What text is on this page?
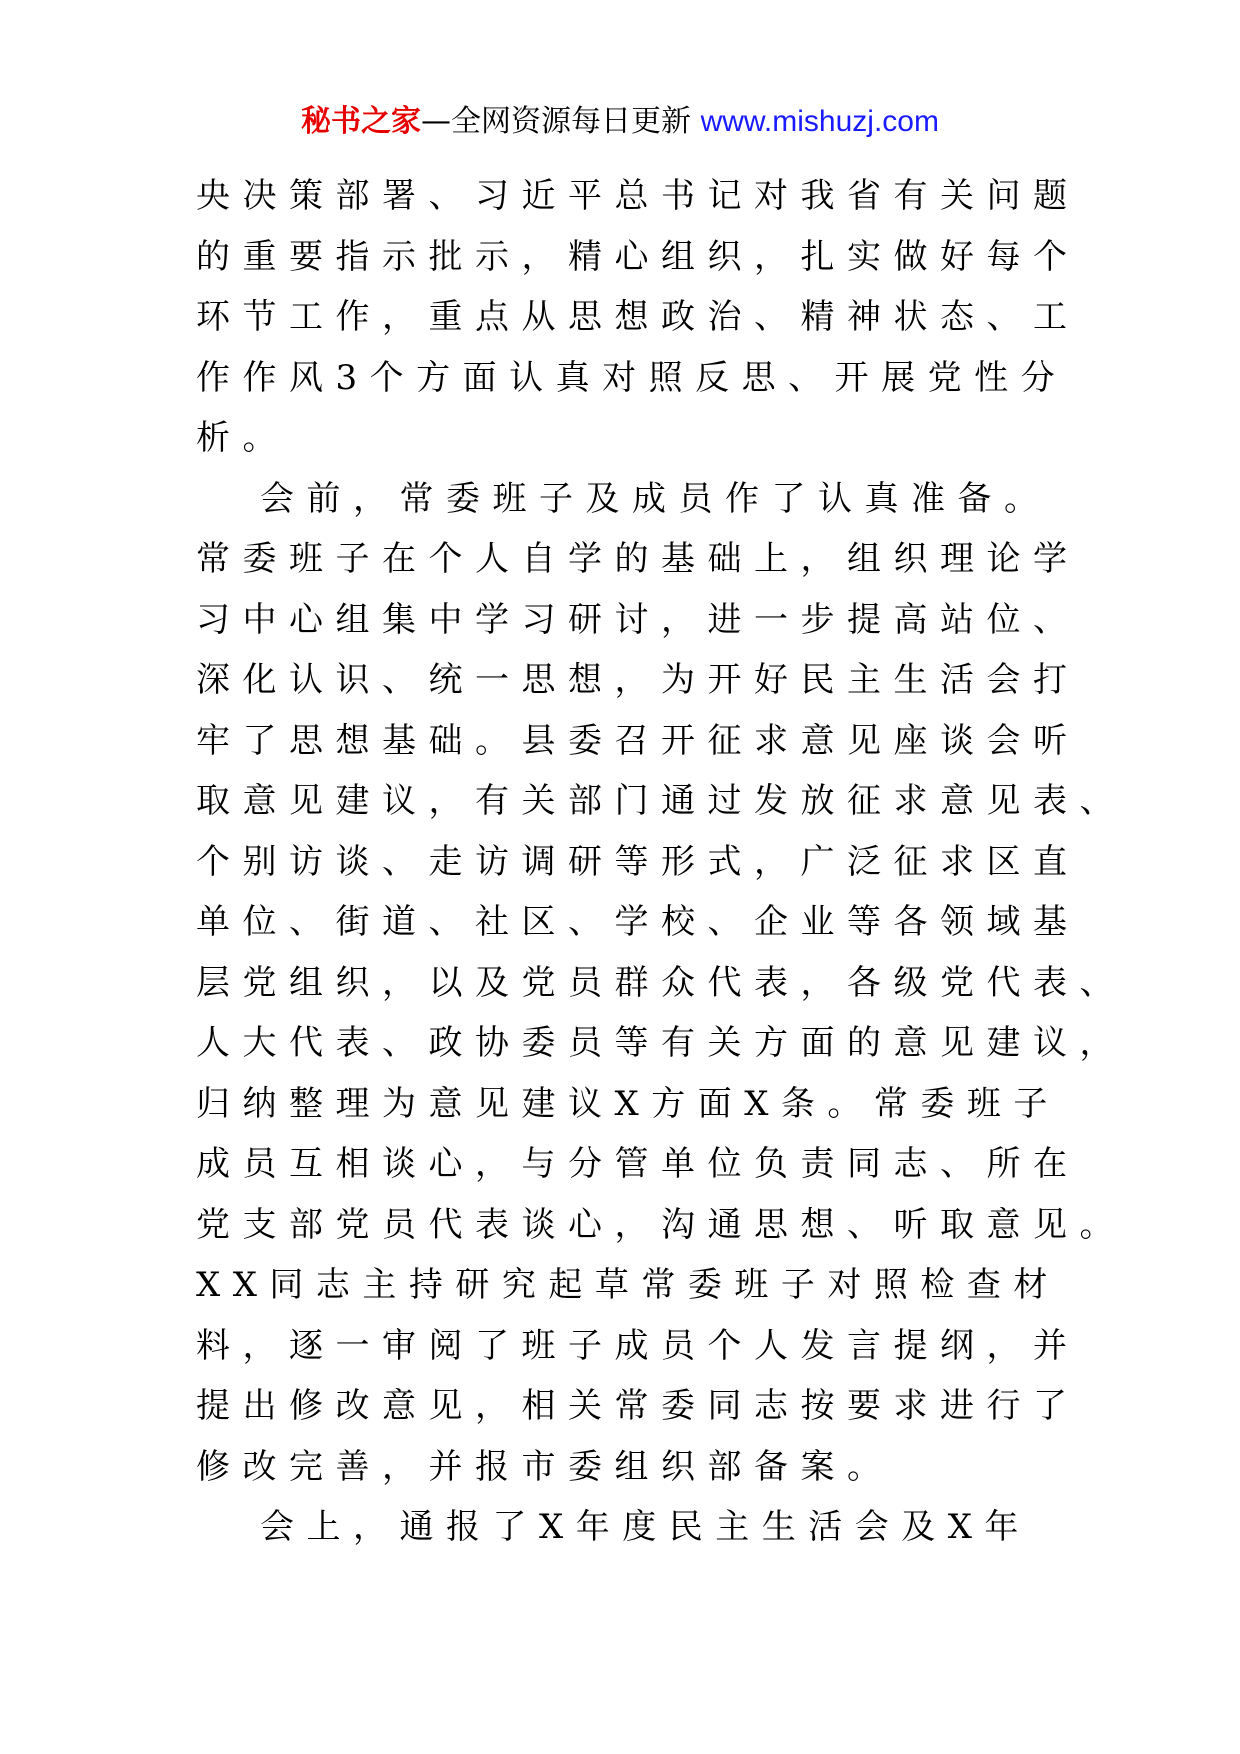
秘书之家—全网资源每日更新 www.mishuzj.com
央决策部署、习近平总书记对我省有关问题
的重要指示批示，精心组织，扎实做好每个
环节工作，重点从思想政治、精神状态、工
作作风3个方面认真对照反思、开展党性分
析。
会前，常委班子及成员作了认真准备。
常委班子在个人自学的基础上，组织理论学
习中心组集中学习研讨，进一步提高站位、
深化认识、统一思想，为开好民主生活会打
牢了思想基础。县委召开征求意见座谈会听
取意见建议，有关部门通过发放征求意见表、
个别访谈、走访调研等形式，广泛征求区直
单位、街道、社区、学校、企业等各领域基
层党组织，以及党员群众代表，各级党代表、
人大代表、政协委员等有关方面的意见建议，
归纳整理为意见建议X方面X条。常委班子
成员互相谈心，与分管单位负责同志、所在
党支部党员代表谈心，沟通思想、听取意见。
XX同志主持研究起草常委班子对照检查材
料，逐一审阅了班子成员个人发言提纲，并
提出修改意见，相关常委同志按要求进行了
修改完善，并报市委组织部备案。
会上，通报了X年度民主生活会及X年
